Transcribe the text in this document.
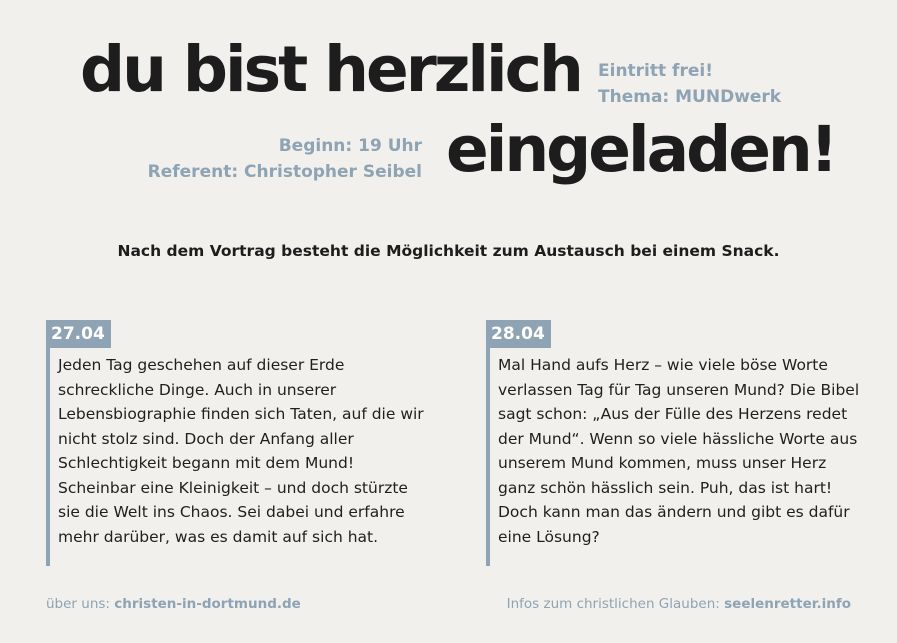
du bist herzlich
eingeladen!
Eintritt frei!
Thema: MUNDwerk
Beginn: 19 Uhr
Referent: Christopher Seibel
Nach dem Vortrag besteht die Möglichkeit zum Austausch bei einem Snack.
27.04
Jeden Tag geschehen auf dieser Erde schreckliche Dinge. Auch in unserer Lebensbiographie finden sich Taten, auf die wir nicht stolz sind. Doch der Anfang aller Schlechtigkeit begann mit dem Mund! Scheinbar eine Kleinigkeit – und doch stürzte sie die Welt ins Chaos. Sei dabei und erfahre mehr darüber, was es damit auf sich hat.
28.04
Mal Hand aufs Herz – wie viele böse Worte verlassen Tag für Tag unseren Mund? Die Bibel sagt schon: „Aus der Fülle des Herzens redet der Mund“. Wenn so viele hässliche Worte aus unserem Mund kommen, muss unser Herz ganz schön hässlich sein. Puh, das ist hart! Doch kann man das ändern und gibt es dafür eine Lösung?
über uns: christen-in-dortmund.de	Infos zum christlichen Glauben: seelenretter.info
